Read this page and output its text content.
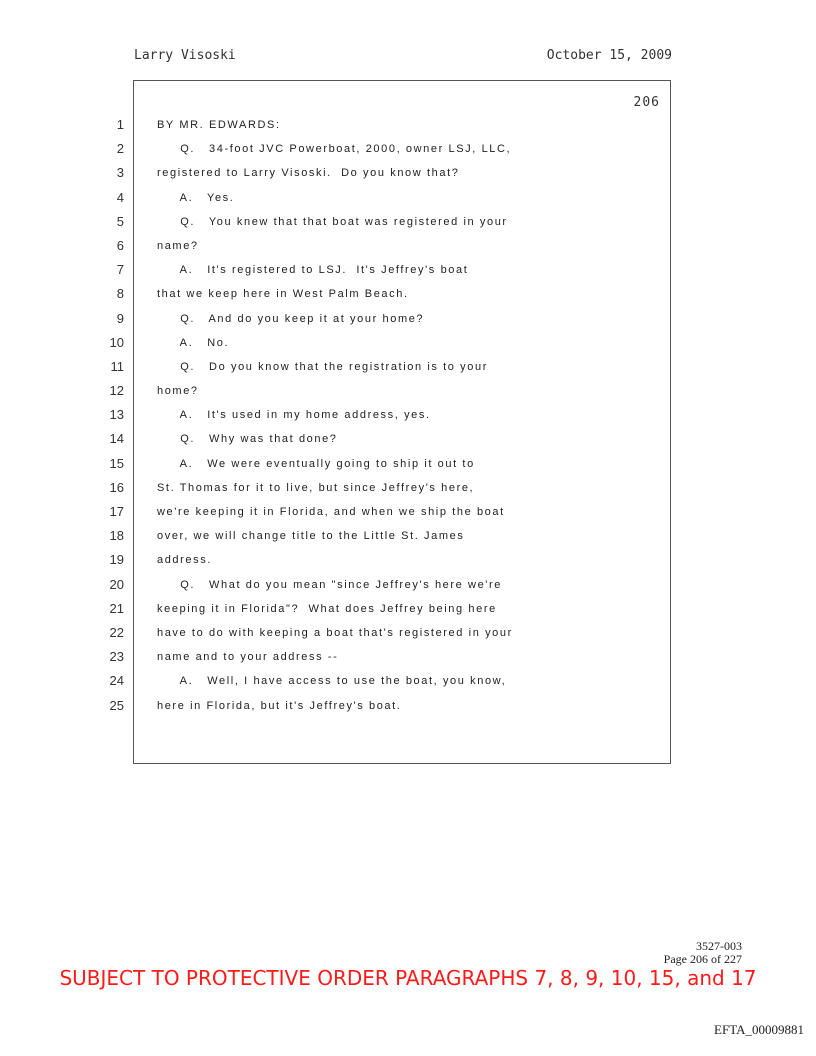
Larry Visoski	October 15, 2009
206
1
2
3
4
5
6
7
8
9
10
11
12
13
14
15
16
17
18
19
20
21
22
23
24
25
BY MR. EDWARDS:
Q.   34-foot JVC Powerboat, 2000, owner LSJ, LLC,
registered to Larry Visoski.  Do you know that?
A.   Yes.
Q.   You knew that that boat was registered in your
name?
A.   It's registered to LSJ.  It's Jeffrey's boat
that we keep here in West Palm Beach.
Q.   And do you keep it at your home?
A.   No.
Q.   Do you know that the registration is to your
home?
A.   It's used in my home address, yes.
Q.   Why was that done?
A.   We were eventually going to ship it out to
St. Thomas for it to live, but since Jeffrey's here,
we're keeping it in Florida, and when we ship the boat
over, we will change title to the Little St. James
address.
Q.   What do you mean "since Jeffrey's here we're
keeping it in Florida"?  What does Jeffrey being here
have to do with keeping a boat that's registered in your
name and to your address --
A.   Well, I have access to use the boat, you know,
here in Florida, but it's Jeffrey's boat.
3527-003
Page 206 of 227
SUBJECT TO PROTECTIVE ORDER PARAGRAPHS 7, 8, 9, 10, 15, and 17
EFTA_00009881
